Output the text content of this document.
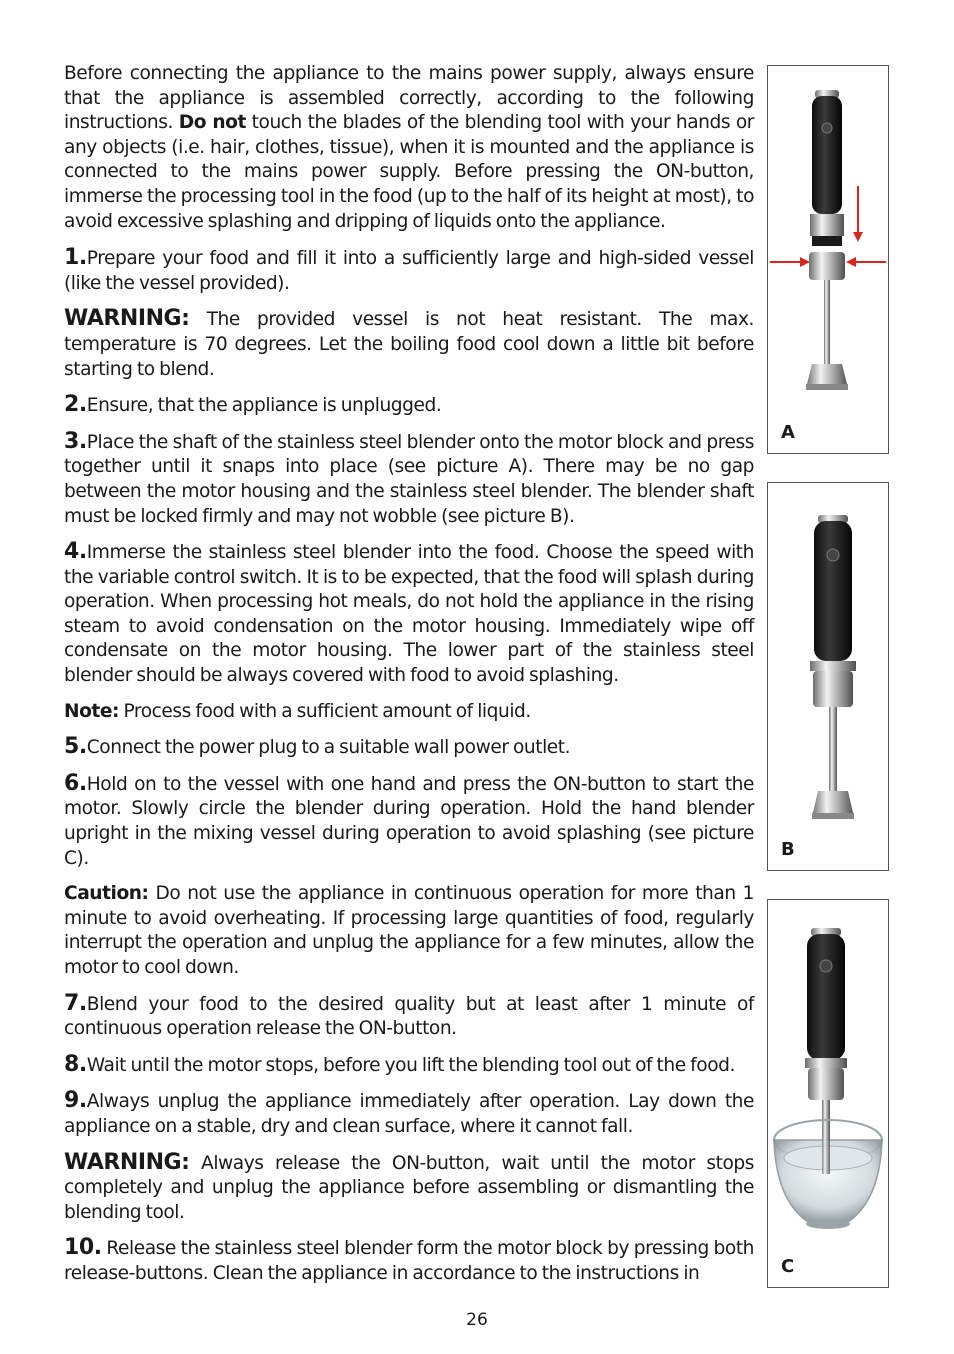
Before connecting the appliance to the mains power supply, always ensure that the appliance is assembled correctly, according to the following instructions. Do not touch the blades of the blending tool with your hands or any objects (i.e. hair, clothes, tissue), when it is mounted and the appliance is connected to the mains power supply. Before pressing the ON-button, immerse the processing tool in the food (up to the half of its height at most), to avoid excessive splashing and dripping of liquids onto the appliance.

1.Prepare your food and fill it into a sufficiently large and high-sided vessel (like the vessel provided).

WARNING: The provided vessel is not heat resistant. The max. temperature is 70 degrees. Let the boiling food cool down a little bit before starting to blend.

2.Ensure, that the appliance is unplugged.

3.Place the shaft of the stainless steel blender onto the motor block and press together until it snaps into place (see picture A). There may be no gap between the motor housing and the stainless steel blender. The blender shaft must be locked firmly and may not wobble (see picture B).

4.Immerse the stainless steel blender into the food. Choose the speed with the variable control switch. It is to be expected, that the food will splash during operation. When processing hot meals, do not hold the appliance in the rising steam to avoid condensation on the motor housing. Immediately wipe off condensate on the motor housing. The lower part of the stainless steel blender should be always covered with food to avoid splashing.

Note: Process food with a sufficient amount of liquid.

5.Connect the power plug to a suitable wall power outlet.

6.Hold on to the vessel with one hand and press the ON-button to start the motor. Slowly circle the blender during operation. Hold the hand blender upright in the mixing vessel during operation to avoid splashing (see picture C).

Caution: Do not use the appliance in continuous operation for more than 1 minute to avoid overheating. If processing large quantities of food, regularly interrupt the operation and unplug the appliance for a few minutes, allow the motor to cool down.

7.Blend your food to the desired quality but at least after 1 minute of continuous operation release the ON-button.

8.Wait until the motor stops, before you lift the blending tool out of the food.

9.Always unplug the appliance immediately after operation. Lay down the appliance on a stable, dry and clean surface, where it cannot fall.

WARNING: Always release the ON-button, wait until the motor stops completely and unplug the appliance before assembling or dismantling the blending tool.

10. Release the stainless steel blender form the motor block by pressing both release-buttons. Clean the appliance in accordance to the instructions in

A
B
C
26
